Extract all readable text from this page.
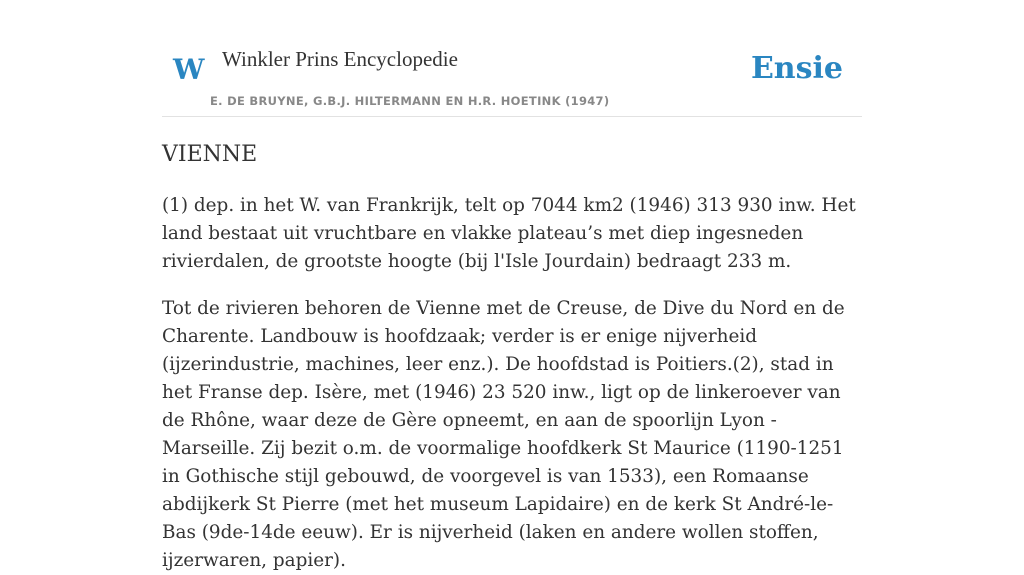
W Winkler Prins Encyclopedie
E. DE BRUYNE, G.B.J. HILTERMANN EN H.R. HOETINK (1947)
Ensie
VIENNE

(1) dep. in het W. van Frankrijk, telt op 7044 km2 (1946) 313 930 inw. Het land bestaat uit vruchtbare en vlakke plateau’s met diep ingesneden rivierdalen, de grootste hoogte (bij l'Isle Jourdain) bedraagt 233 m.

Tot de rivieren behoren de Vienne met de Creuse, de Dive du Nord en de Charente. Landbouw is hoofdzaak; verder is er enige nijverheid (ijzerindustrie, machines, leer enz.). De hoofdstad is Poitiers.(2), stad in het Franse dep. Isère, met (1946) 23 520 inw., ligt op de linkeroever van de Rhône, waar deze de Gère opneemt, en aan de spoorlijn Lyon - Marseille. Zij bezit o.m. de voormalige hoofdkerk St Maurice (1190-1251 in Gothische stijl gebouwd, de voorgevel is van 1533), een Romaanse abdijkerk St Pierre (met het museum Lapidaire) en de kerk St André-le-Bas (9de-14de eeuw). Er is nijverheid (laken en andere wollen stoffen, ijzerwaren, papier).
